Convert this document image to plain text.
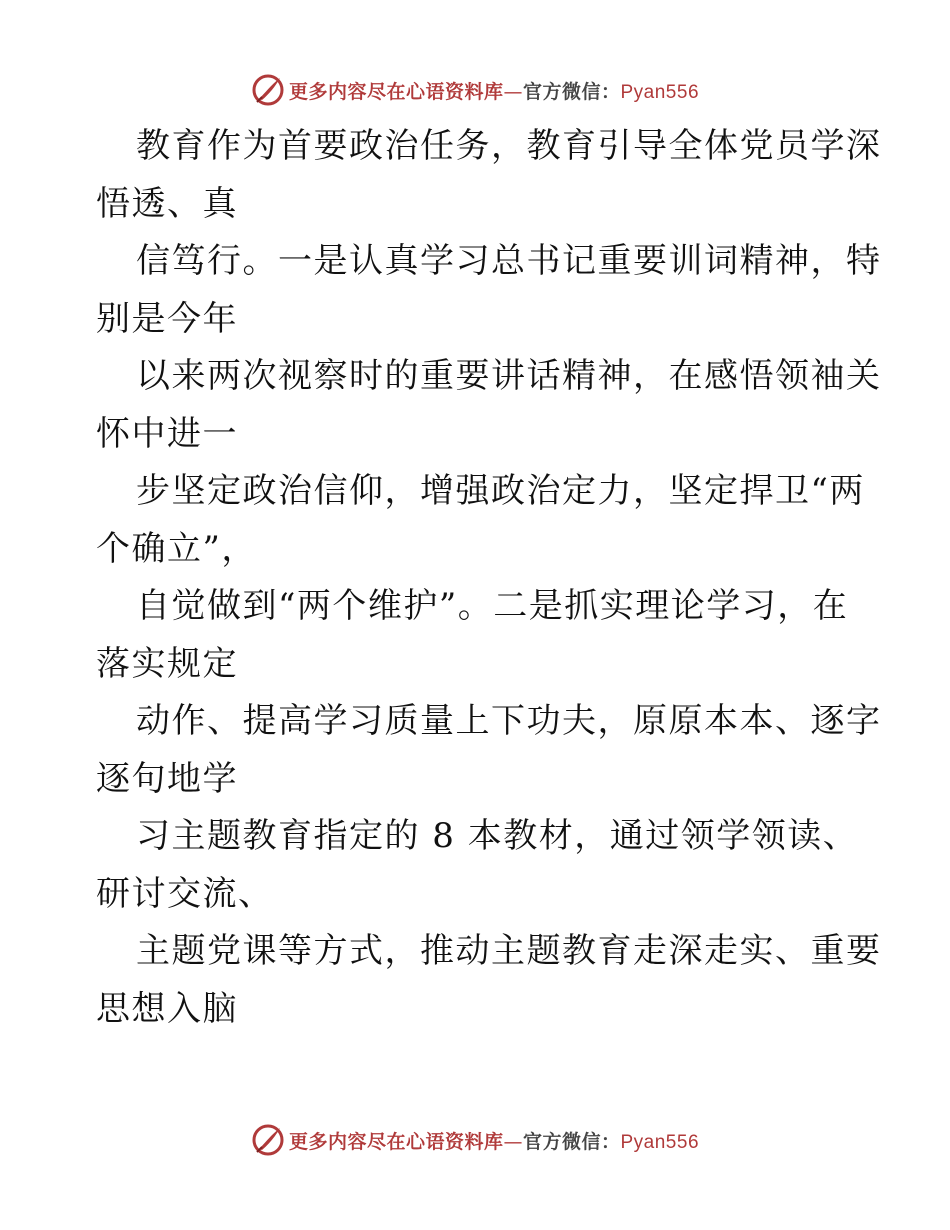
更多内容尽在心语资料库—官方微信：Pyan556
教育作为首要政治任务，教育引导全体党员学深
悟透、真
信笃行。一是认真学习总书记重要训词精神，特
别是今年
以来两次视察时的重要讲话精神，在感悟领袖关
怀中进一
步坚定政治信仰，增强政治定力，坚定捍卫“两
个确立”，
自觉做到“两个维护”。二是抓实理论学习，在
落实规定
动作、提高学习质量上下功夫，原原本本、逐字
逐句地学
习主题教育指定的 8 本教材，通过领学领读、
研讨交流、
主题党课等方式，推动主题教育走深走实、重要
思想入脑
更多内容尽在心语资料库—官方微信：Pyan556
